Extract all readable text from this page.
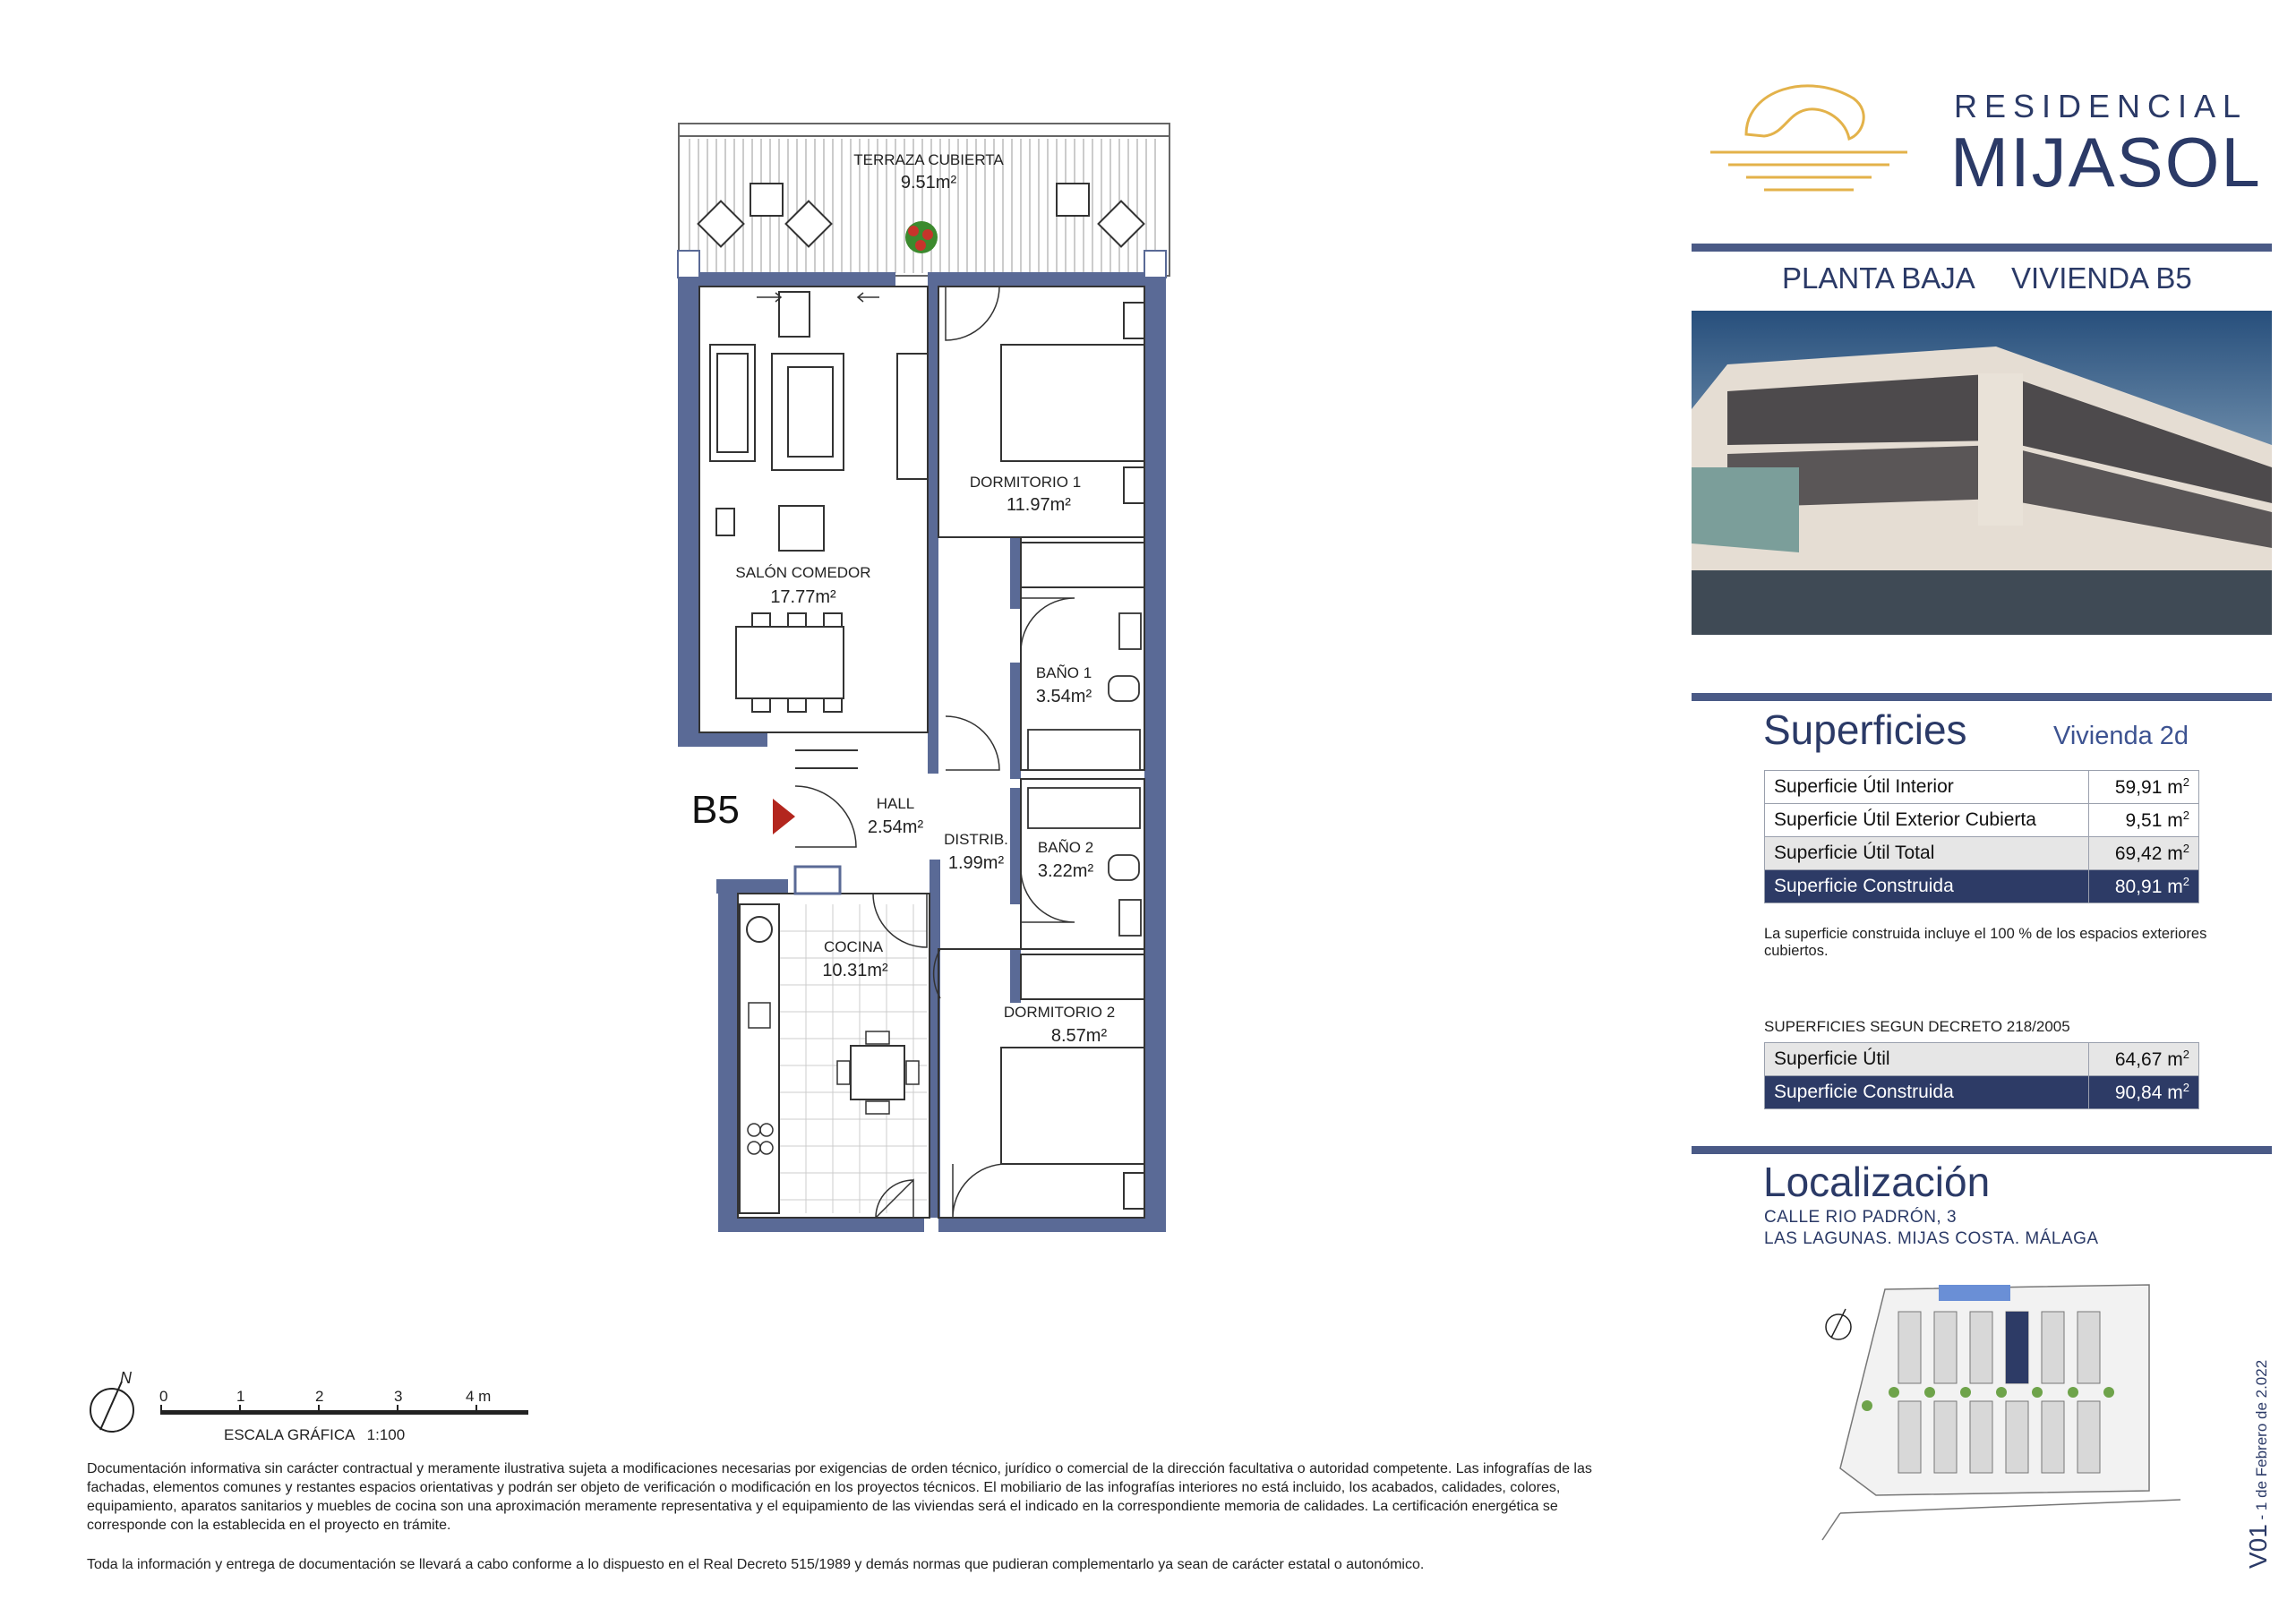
TERRAZA CUBIERTA
9.51m²
DORMITORIO 1
11.97m²
SALÓN COMEDOR
17.77m²
BAÑO 1
3.54m²
HALL
2.54m²
DISTRIB.
1.99m²
BAÑO 2
3.22m²
COCINA
10.31m²
DORMITORIO 2
8.57m²
B5
N
0	1	2	3	4 m
ESCALA GRÁFICA   1:100
Documentación informativa sin carácter contractual y meramente ilustrativa sujeta a modificaciones necesarias por exigencias de orden técnico, jurídico o comercial de la dirección facultativa o autoridad competente. Las infografías de las fachadas, elementos comunes y restantes espacios orientativas y podrán ser objeto de verificación o modificación en los proyectos técnicos. El mobiliario de las infografías interiores no está incluido, los acabados, calidades, colores, equipamiento, aparatos sanitarios y muebles de cocina son una aproximación meramente representativa y el equipamiento de las viviendas será el indicado en la correspondiente memoria de calidades. La certificación energética se corresponde con la establecida en el proyecto en trámite.
Toda la información y entrega de documentación se llevará a cabo conforme a lo dispuesto en el Real Decreto 515/1989 y demás normas que pudieran complementarlo ya sean de carácter estatal o autonómico.
RESIDENCIAL
MIJASOL
PLANTA BAJA VIVIENDA B5
Superficies	Vivienda 2d
Superficie Útil Interior	59,91 $m^2$
Superficie Útil Exterior Cubierta	9,51 $m^2$
Superficie Útil Total	69,42 $m^2$
Superficie Construida	80,91 $m^2$
La superficie construida incluye el 100 % de los espacios exteriores cubiertos.
SUPERFICIES SEGUN DECRETO 218/2005
Superficie Útil	64,67 $m^2$
Superficie Construida	90,84 $m^2$
Localización
CALLE RIO PADRÓN, 3
LAS LAGUNAS. MIJAS COSTA. MÁLAGA
V01 - 1 de Febrero de 2.022
